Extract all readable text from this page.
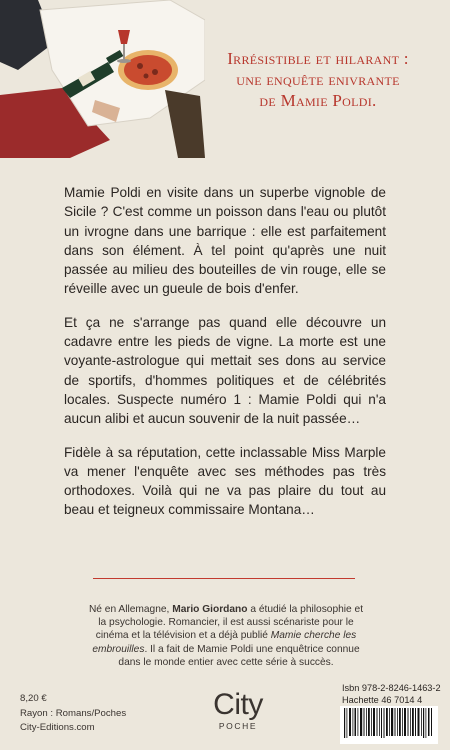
Irrésistible et hilarant :
une enquête enivrante
de Mamie Poldi.

Mamie Poldi en visite dans un superbe vignoble de Sicile ? C'est comme un poisson dans l'eau ou plutôt un ivrogne dans une barrique : elle est parfaitement dans son élément. À tel point qu'après une nuit passée au milieu des bouteilles de vin rouge, elle se réveille avec un gueule de bois d'enfer.

Et ça ne s'arrange pas quand elle découvre un cadavre entre les pieds de vigne. La morte est une voyante-astrologue qui mettait ses dons au service de sportifs, d'hommes politiques et de célébrités locales. Suspecte numéro 1 : Mamie Poldi qui n'a aucun alibi et aucun souvenir de la nuit passée…

Fidèle à sa réputation, cette inclassable Miss Marple va mener l'enquête avec ses méthodes pas très orthodoxes. Voilà qui ne va pas plaire du tout au beau et teigneux commissaire Montana…

Né en Allemagne, Mario Giordano a étudié la philosophie et la psychologie. Romancier, il est aussi scénariste pour le cinéma et la télévision et a déjà publié Mamie cherche les embrouilles. Il a fait de Mamie Poldi une enquêtrice connue dans le monde entier avec cette série à succès.
8,20 €
Rayon : Romans/Poches
City-Editions.com
City
POCHE
Isbn 978-2-8246-1463-2
Hachette 46 7014 4
